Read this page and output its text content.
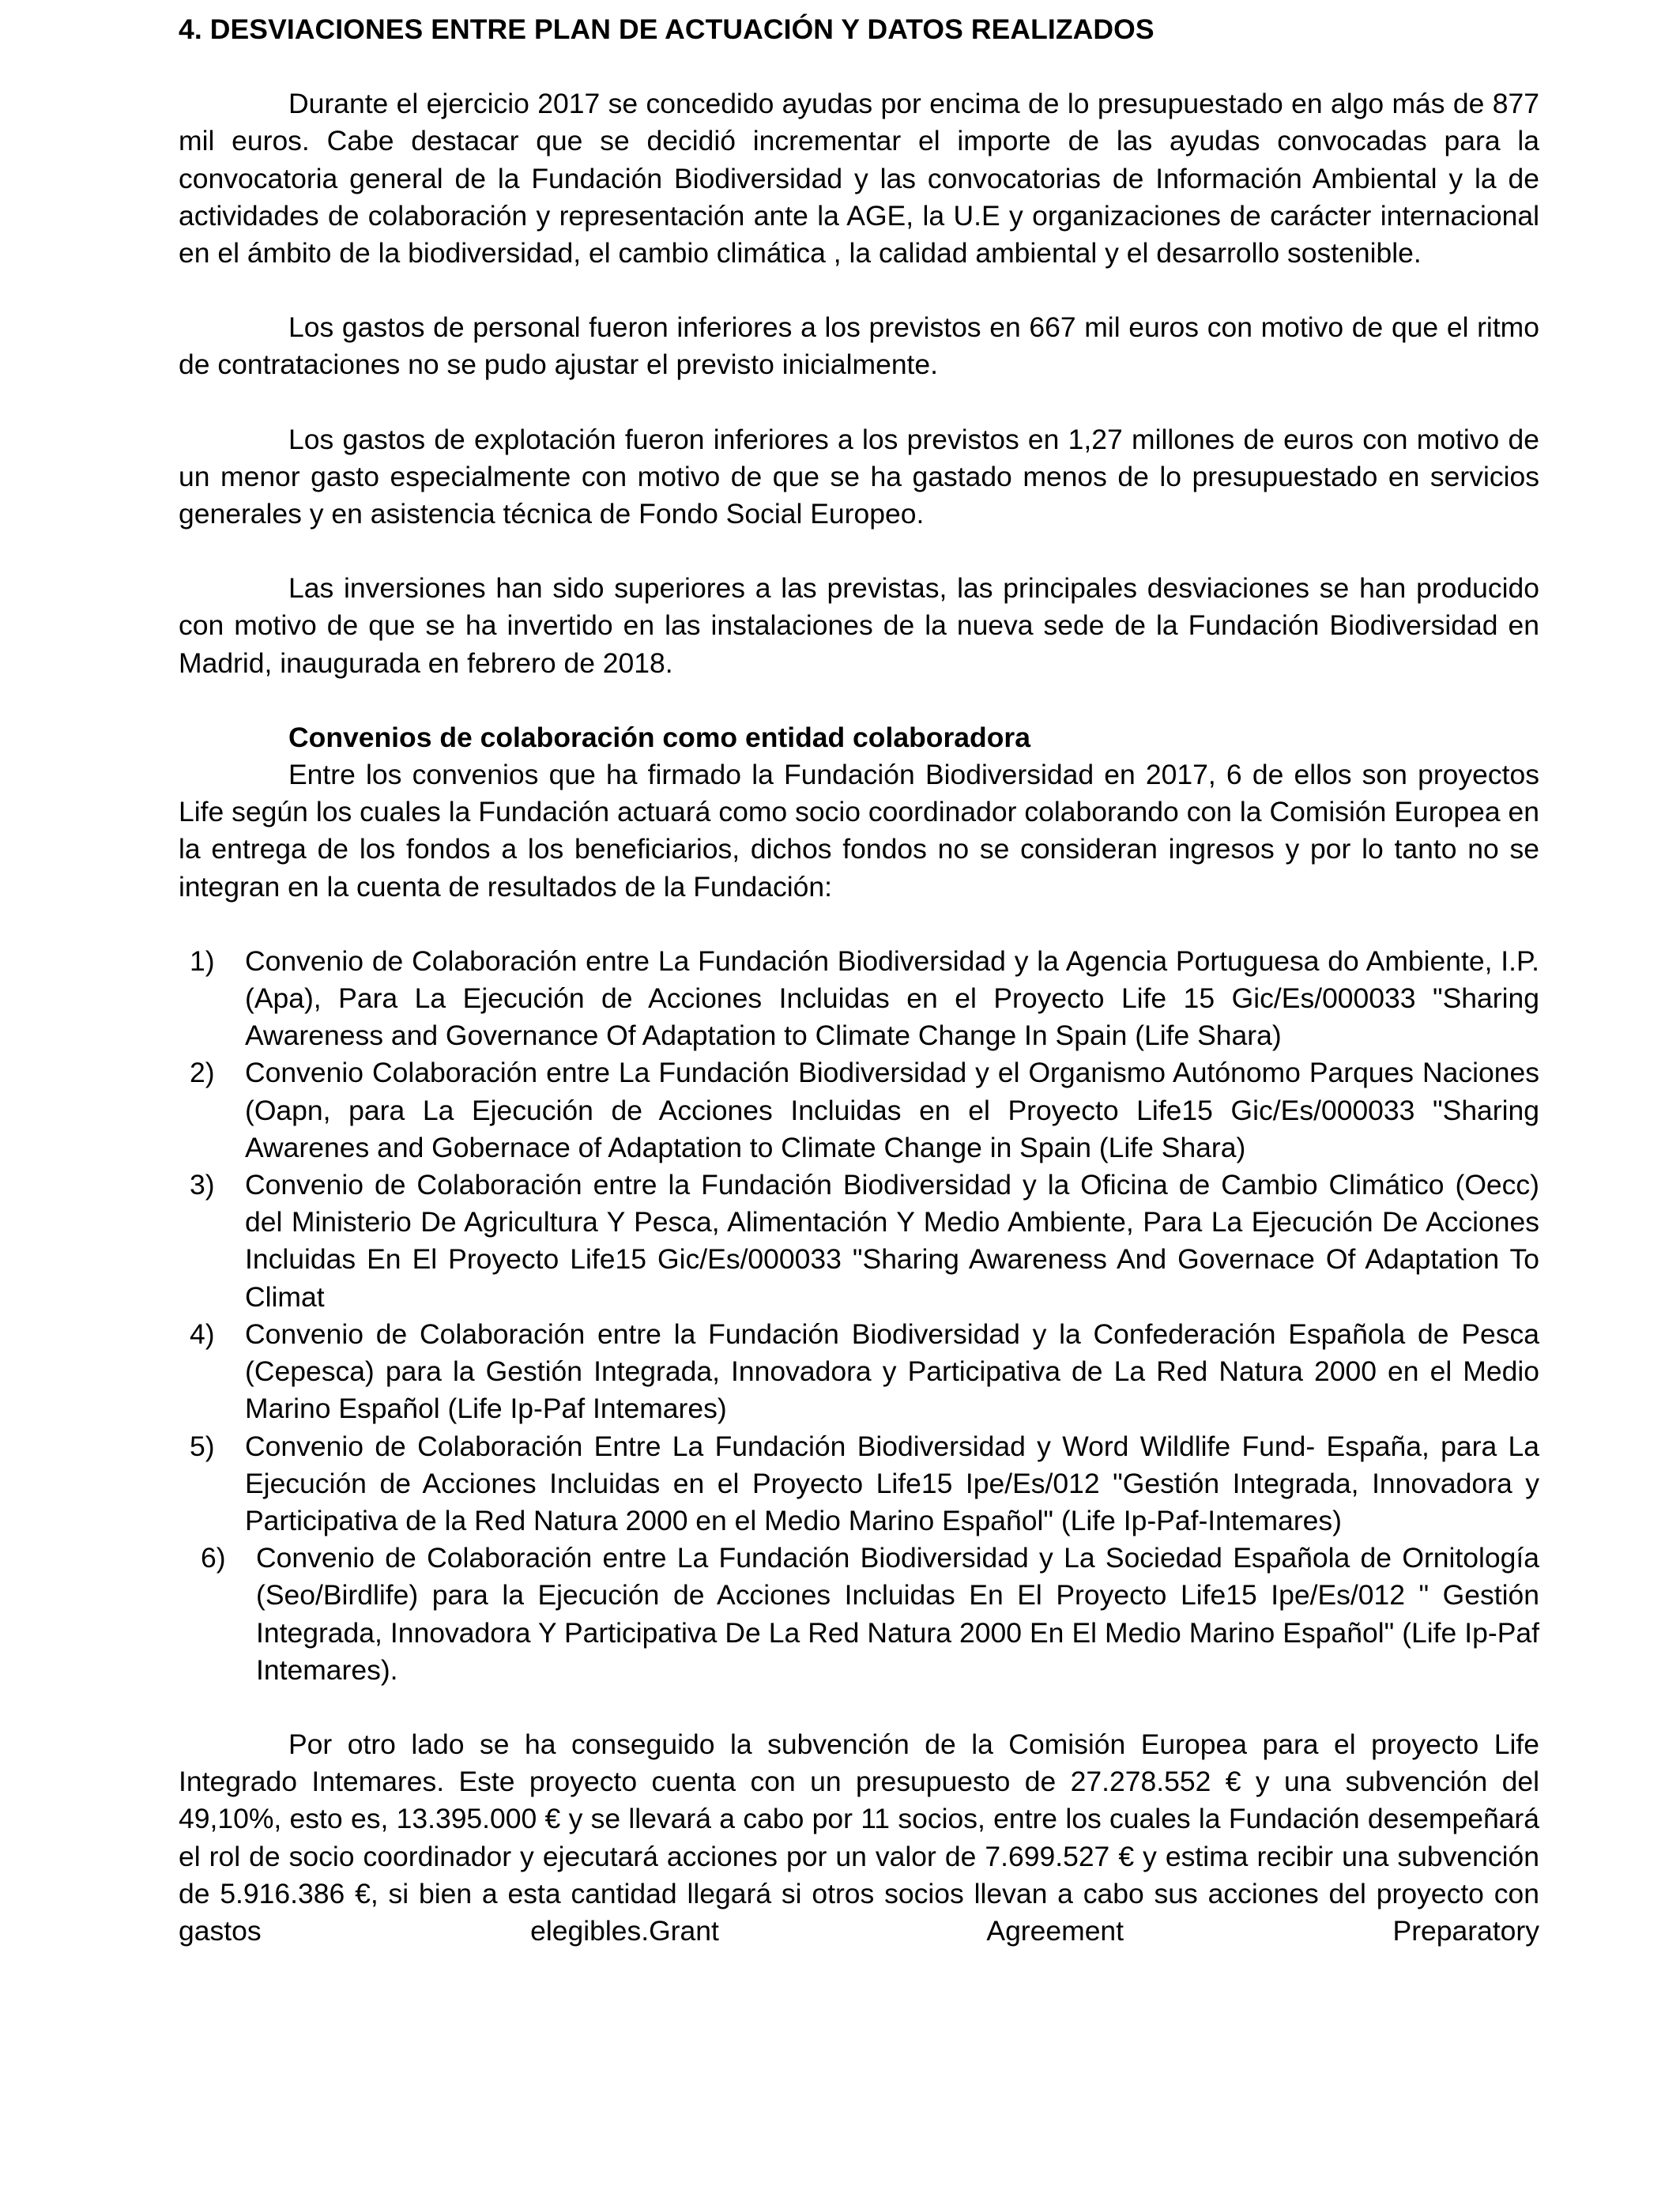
4. DESVIACIONES ENTRE PLAN DE ACTUACIÓN Y DATOS REALIZADOS

Durante el ejercicio 2017 se concedido ayudas por encima de lo presupuestado en algo más de 877 mil euros. Cabe destacar que se decidió incrementar el importe de las ayudas convocadas para la convocatoria general de la Fundación Biodiversidad y las convocatorias de Información Ambiental y la de actividades de colaboración y representación ante la AGE, la U.E y organizaciones de carácter internacional en el ámbito de la biodiversidad, el cambio climática , la calidad ambiental y el desarrollo sostenible.

Los gastos de personal fueron inferiores a los previstos en 667 mil euros con motivo de que el ritmo de contrataciones no se pudo ajustar el previsto inicialmente.

Los gastos de explotación fueron inferiores a los previstos en 1,27 millones de euros con motivo de un menor gasto especialmente con motivo de que se ha gastado menos de lo presupuestado en servicios generales y en asistencia técnica de Fondo Social Europeo.

Las inversiones han sido superiores a las previstas, las principales desviaciones se han producido con motivo de que se ha invertido en las instalaciones de la nueva sede de la Fundación Biodiversidad en Madrid, inaugurada en febrero de 2018.

Convenios de colaboración como entidad colaboradora

Entre los convenios que ha firmado la Fundación Biodiversidad en 2017, 6 de ellos son proyectos Life según los cuales la Fundación actuará como socio coordinador colaborando con la Comisión Europea en la entrega de los fondos a los beneficiarios, dichos fondos no se consideran ingresos y por lo tanto no se integran en la cuenta de resultados de la Fundación:

1) Convenio de Colaboración entre La Fundación Biodiversidad y la Agencia Portuguesa do Ambiente, I.P. (Apa), Para La Ejecución de Acciones Incluidas en el Proyecto Life 15 Gic/Es/000033 "Sharing Awareness and Governance Of Adaptation to Climate Change In Spain (Life Shara)
2) Convenio Colaboración entre La Fundación Biodiversidad y el Organismo Autónomo Parques Naciones (Oapn, para La Ejecución de Acciones Incluidas en el Proyecto Life15 Gic/Es/000033 "Sharing Awarenes and Gobernace of Adaptation to Climate Change in Spain (Life Shara)
3) Convenio de Colaboración entre la Fundación Biodiversidad y la Oficina de Cambio Climático (Oecc) del Ministerio De Agricultura Y Pesca, Alimentación Y Medio Ambiente, Para La Ejecución De Acciones Incluidas En El Proyecto Life15 Gic/Es/000033 "Sharing Awareness And Governace Of Adaptation To Climat
4) Convenio de Colaboración entre la Fundación Biodiversidad y la Confederación Española de Pesca (Cepesca) para la Gestión Integrada, Innovadora y Participativa de La Red Natura 2000 en el Medio Marino Español (Life Ip-Paf Intemares)
5) Convenio de Colaboración Entre La Fundación Biodiversidad y Word Wildlife Fund- España, para La Ejecución de Acciones Incluidas en el Proyecto Life15 Ipe/Es/012 "Gestión Integrada, Innovadora y Participativa de la Red Natura 2000 en el Medio Marino Español" (Life Ip-Paf-Intemares)
6) Convenio de Colaboración entre La Fundación Biodiversidad y La Sociedad Española de Ornitología (Seo/Birdlife) para la Ejecución de Acciones Incluidas En El Proyecto Life15 Ipe/Es/012 " Gestión Integrada, Innovadora Y Participativa De La Red Natura 2000 En El Medio Marino Español" (Life Ip-Paf Intemares).

Por otro lado se ha conseguido la subvención de la Comisión Europea para el proyecto Life Integrado Intemares. Este proyecto cuenta con un presupuesto de 27.278.552 € y una subvención del 49,10%, esto es, 13.395.000 € y se llevará a cabo por 11 socios, entre los cuales la Fundación desempeñará el rol de socio coordinador y ejecutará acciones por un valor de 7.699.527 € y estima recibir una subvención de 5.916.386 €, si bien a esta cantidad llegará si otros socios llevan a cabo sus acciones del proyecto con gastos elegibles.Grant Agreement Preparatory
